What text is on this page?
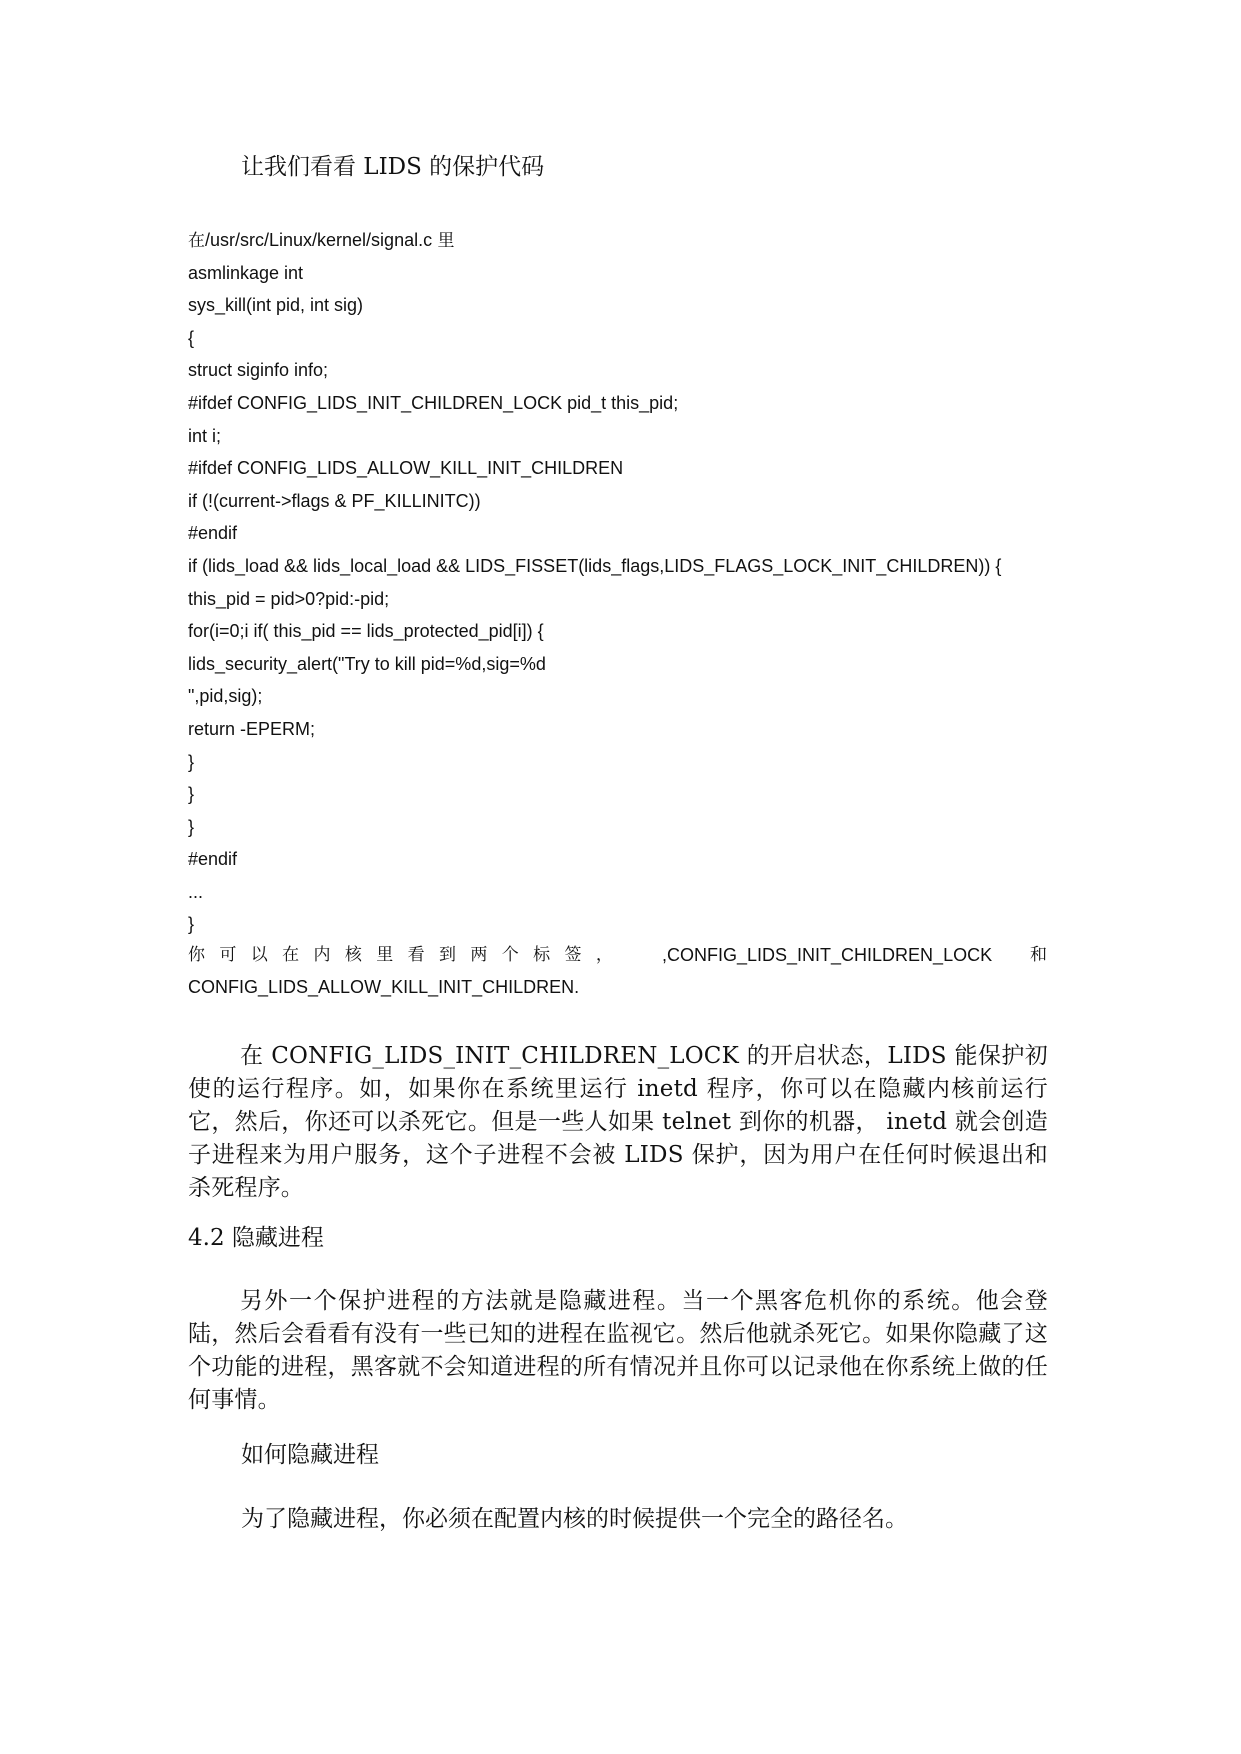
让我们看看 LIDS 的保护代码
在/usr/src/Linux/kernel/signal.c 里
asmlinkage int
sys_kill(int pid, int sig)
{
struct siginfo info;
#ifdef CONFIG_LIDS_INIT_CHILDREN_LOCK pid_t this_pid;
int i;
#ifdef CONFIG_LIDS_ALLOW_KILL_INIT_CHILDREN
if (!(current->flags & PF_KILLINITC))
#endif
if (lids_load && lids_local_load && LIDS_FISSET(lids_flags,LIDS_FLAGS_LOCK_INIT_CHILDREN)) {
this_pid = pid>0?pid:-pid;
for(i=0;i if( this_pid == lids_protected_pid[i]) {
lids_security_alert("Try to kill pid=%d,sig=%d
",pid,sig);
return -EPERM;
}
}
}
#endif
...
}
你 可 以 在 内 核 里 看 到 两 个 标 签 ，	,CONFIG_LIDS_INIT_CHILDREN_LOCK 和
CONFIG_LIDS_ALLOW_KILL_INIT_CHILDREN.
在 CONFIG_LIDS_INIT_CHILDREN_LOCK 的开启状态，LIDS 能保护初使的运行程序。如，如果你在系统里运行 inetd 程序，你可以在隐藏内核前运行它，然后，你还可以杀死它。但是一些人如果 telnet 到你的机器， inetd 就会创造子进程来为用户服务，这个子进程不会被 LIDS 保护，因为用户在任何时候退出和杀死程序。
4.2 隐藏进程
另外一个保护进程的方法就是隐藏进程。当一个黑客危机你的系统。他会登陆，然后会看看有没有一些已知的进程在监视它。然后他就杀死它。如果你隐藏了这个功能的进程，黑客就不会知道进程的所有情况并且你可以记录他在你系统上做的任何事情。
如何隐藏进程
为了隐藏进程，你必须在配置内核的时候提供一个完全的路径名。
